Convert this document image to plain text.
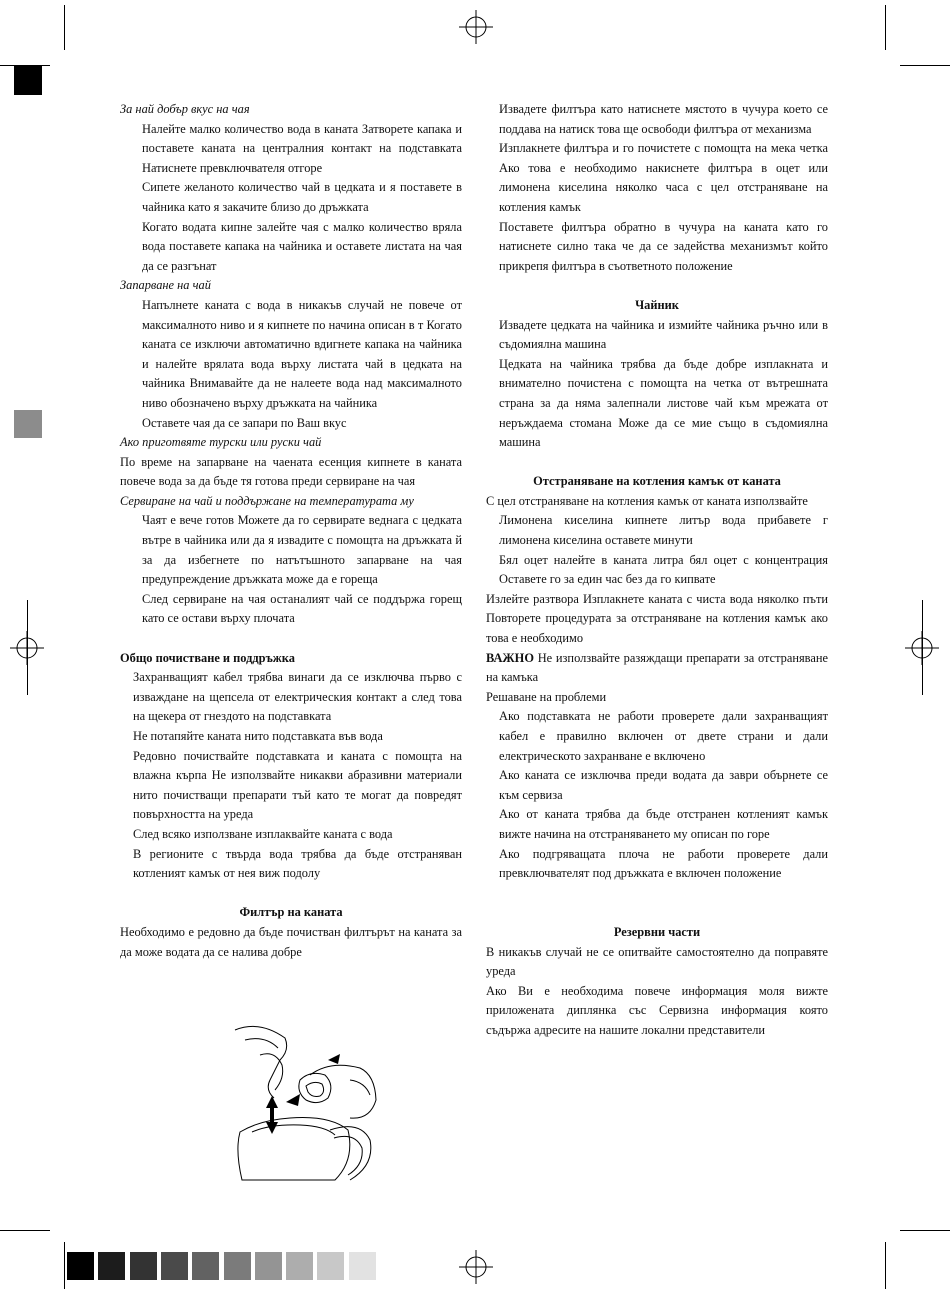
За най добър вкус на чая

Налейте малко количество вода в каната Затворете капака и поставете каната на централния контакт на подставката Натиснете превключвателя отгоре

Сипете желаното количество чай в цедката и я поставете в чайника като я закачите близо до дръжката

Когато водата кипне залейте чая с малко количество вряла вода поставете капака на чайника и оставете листата на чая да се разгънат

Запарване на чай

Напълнете каната с вода в никакъв случай не повече от максималното ниво и я кипнете по начина описан в т Когато каната се изключи автоматично вдигнете капака на чайника и налейте врялата вода върху листата чай в цедката на чайника Внимавайте да не налеете вода над максималното ниво обозначено върху дръжката на чайника

Оставете чая да се запари по Ваш вкус

Ако приготвяте турски или руски чай

По време на запарване на чаената есенция кипнете в каната повече вода за да бъде тя готова преди сервиране на чая

Сервиране на чай и поддържане на температурата му

Чаят е вече готов Можете да го сервирате веднага с цедката вътре в чайника или да я извадите с помощта на дръжката й за да избегнете по натътъшното запарване на чая предупреждение дръжката може да е гореща

След сервиране на чая останалият чай се поддържа горещ като се остави върху плочата

Общо почистване и поддръжка

Захранващият кабел трябва винаги да се изключва първо с изваждане на щепсела от електрическия контакт а след това на щекера от гнездото на подставката

Не потапяйте каната нито подставката във вода

Редовно почиствайте подставката и каната с помощта на влажна кърпа Не използвайте никакви абразивни материали нито почистващи препарати тъй като те могат да повредят повърхността на уреда

След всяко използване изплаквайте каната с вода

В регионите с твърда вода трябва да бъде отстраняван котленият камък от нея виж подолу

Филтър на каната

Необходимо е редовно да бъде почистван филтърът на каната за да може водата да се налива добре

Извадете филтъра като натиснете мястото в чучура което се поддава на натиск това ще освободи филтъра от механизма

Изплакнете филтъра и го почистете с помощта на мека четка Ако това е необходимо накиснете филтъра в оцет или лимонена киселина няколко часа с цел отстраняване на котления камък

Поставете филтъра обратно в чучура на каната като го натиснете силно така че да се задейства механизмът който прикрепя филтъра в съответното положение

Чайник

Извадете цедката на чайника и измийте чайника ръчно или в съдомиялна машина

Цедката на чайника трябва да бъде добре изплакната и внимателно почистена с помощта на четка от вътрешната страна за да няма залепнали листове чай към мрежата от неръждаема стомана Може да се мие също в съдомиялна машина

Отстраняване на котления камък от каната

С цел отстраняване на котления камък от каната използвайте

Лимонена киселина кипнете литър вода прибавете г лимонена киселина оставете минути

Бял оцет налейте в каната литра бял оцет с концентрация Оставете го за един час без да го кипвате

Излейте разтвора Изплакнете каната с чиста вода няколко пъти Повторете процедурата за отстраняване на котления камък ако това е необходимо

ВАЖНО Не използвайте разяждащи препарати за отстраняване на камъка

Решаване на проблеми

Ако подставката не работи проверете дали захранващият кабел е правилно включен от двете страни и дали електрическото захранване е включено

Ако каната се изключва преди водата да заври обърнете се към сервиза

Ако от каната трябва да бъде отстранен котленият камък вижте начина на отстраняването му описан по горе

Ако подгряващата плоча не работи проверете дали превключвателят под дръжката е включен положение

Резервни части

В никакъв случай не се опитвайте самостоятелно да поправяте уреда

Ако Ви е необходима повече информация моля вижте приложената диплянка със Сервизна информация която съдържа адресите на нашите локални представители
